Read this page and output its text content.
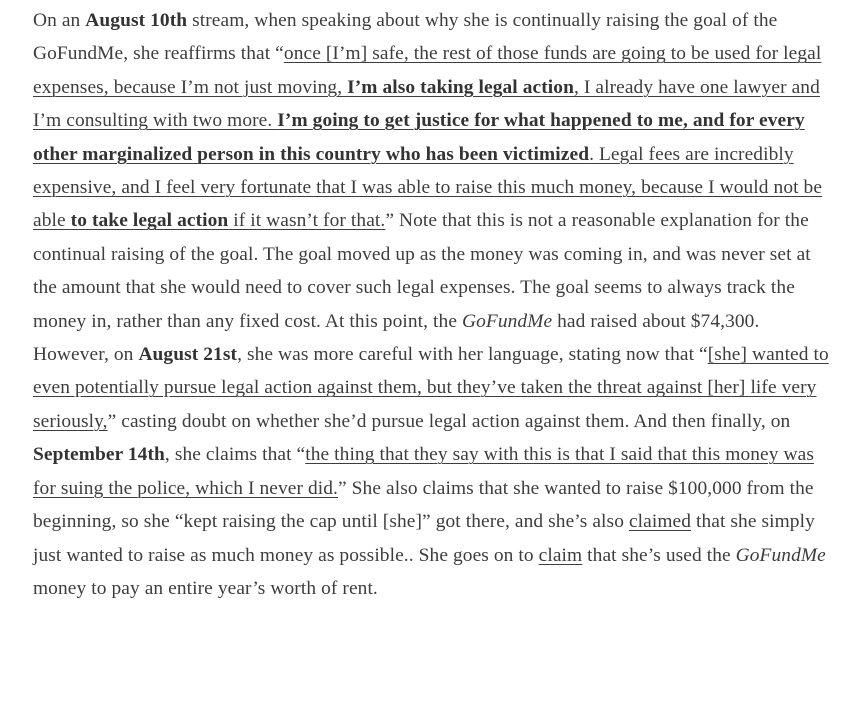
On an August 10th stream, when speaking about why she is continually raising the goal of the GoFundMe, she reaffirms that “once [I’m] safe, the rest of those funds are going to be used for legal expenses, because I’m not just moving, I’m also taking legal action, I already have one lawyer and I’m consulting with two more. I’m going to get justice for what happened to me, and for every other marginalized person in this country who has been victimized. Legal fees are incredibly expensive, and I feel very fortunate that I was able to raise this much money, because I would not be able to take legal action if it wasn’t for that.” Note that this is not a reasonable explanation for the continual raising of the goal. The goal moved up as the money was coming in, and was never set at the amount that she would need to cover such legal expenses. The goal seems to always track the money in, rather than any fixed cost. At this point, the GoFundMe had raised about $74,300. However, on August 21st, she was more careful with her language, stating now that “[she] wanted to even potentially pursue legal action against them, but they’ve taken the threat against [her] life very seriously,” casting doubt on whether she’d pursue legal action against them. And then finally, on September 14th, she claims that “the thing that they say with this is that I said that this money was for suing the police, which I never did.” She also claims that she wanted to raise $100,000 from the beginning, so she “kept raising the cap until [she]” got there, and she’s also claimed that she simply just wanted to raise as much money as possible.. She goes on to claim that she’s used the GoFundMe money to pay an entire year’s worth of rent.
